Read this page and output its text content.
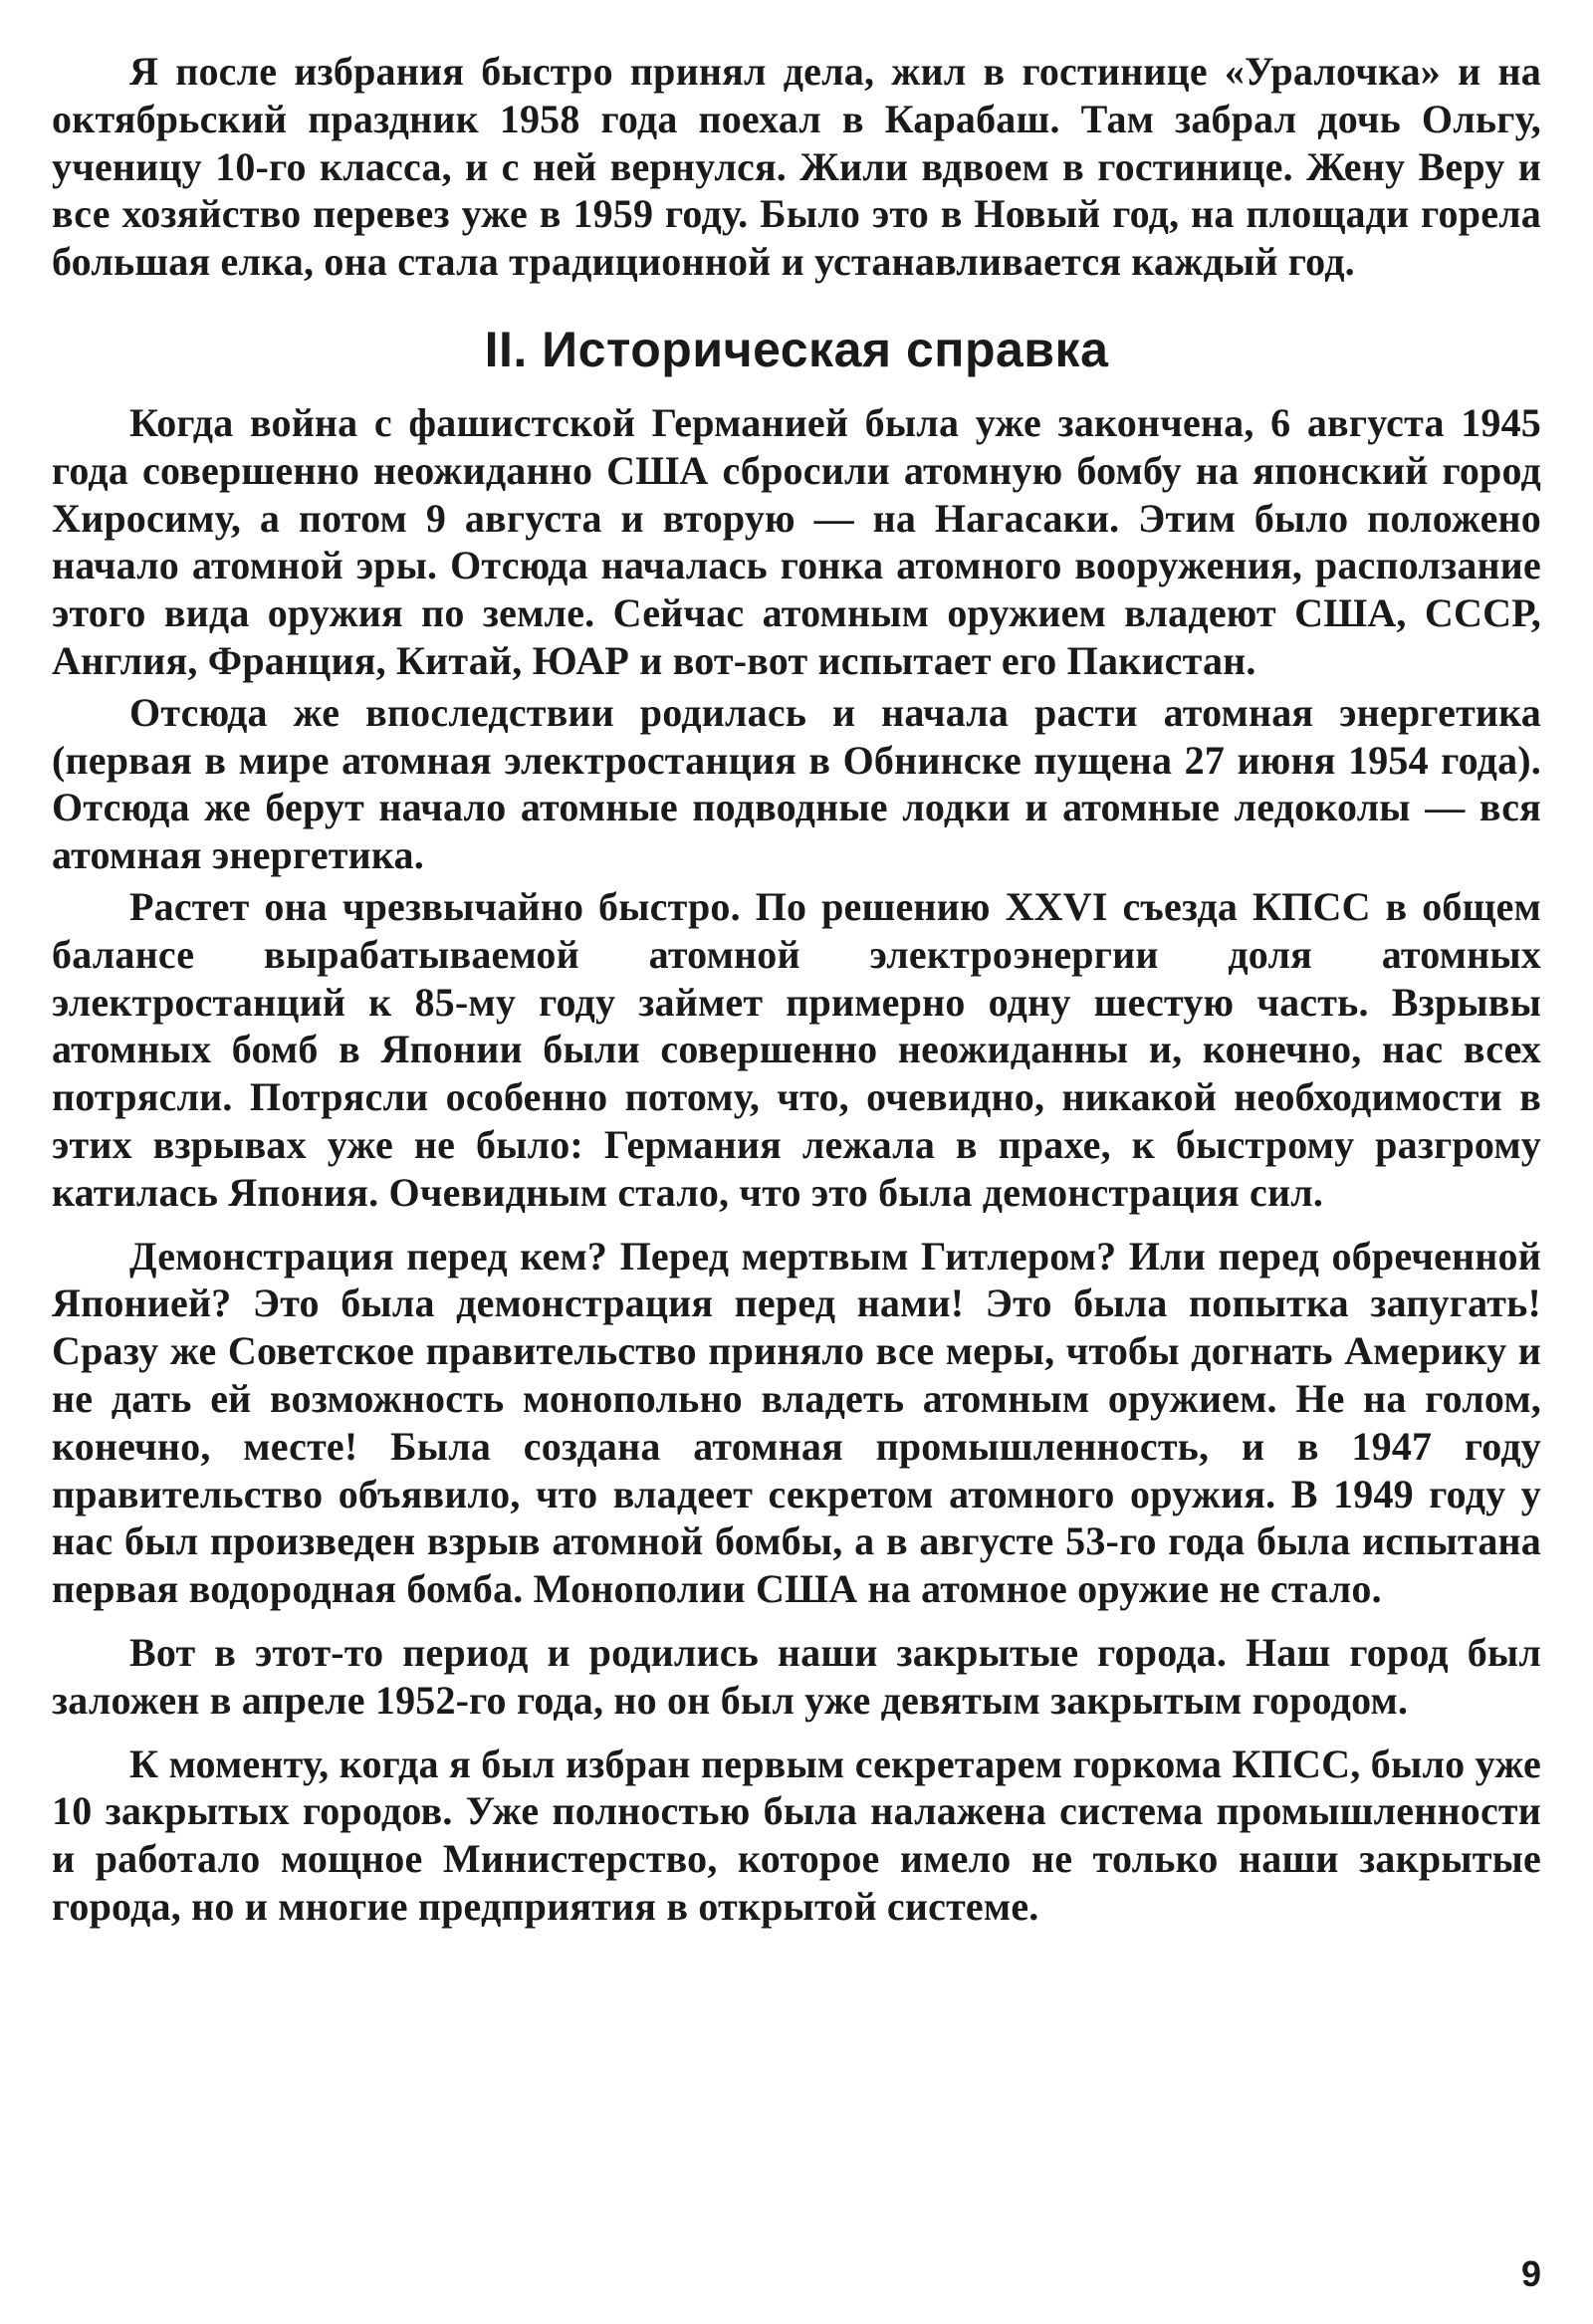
Я после избрания быстро принял дела, жил в гостинице «Уралочка» и на октябрьский праздник 1958 года поехал в Карабаш. Там забрал дочь Ольгу, ученицу 10-го класса, и с ней вернулся. Жили вдвоем в гостинице. Жену Веру и все хозяйство перевез уже в 1959 году. Было это в Новый год, на площади горела большая елка, она стала традиционной и устанавливается каждый год.

II. Историческая справка

Когда война с фашистской Германией была уже закончена, 6 августа 1945 года совершенно неожиданно США сбросили атомную бомбу на японский город Хиросиму, а потом 9 августа и вторую — на Нагасаки. Этим было положено начало атомной эры. Отсюда началась гонка атомного вооружения, расползание этого вида оружия по земле. Сейчас атомным оружием владеют США, СССР, Англия, Франция, Китай, ЮАР и вот-вот испытает его Пакистан.

Отсюда же впоследствии родилась и начала расти атомная энергетика (первая в мире атомная электростанция в Обнинске пущена 27 июня 1954 года). Отсюда же берут начало атомные подводные лодки и атомные ледоколы — вся атомная энергетика.

Растет она чрезвычайно быстро. По решению XXVI съезда КПСС в общем балансе вырабатываемой атомной электроэнергии доля атомных электростанций к 85-му году займет примерно одну шестую часть. Взрывы атомных бомб в Японии были совершенно неожиданны и, конечно, нас всех потрясли. Потрясли особенно потому, что, очевидно, никакой необходимости в этих взрывах уже не было: Германия лежала в прахе, к быстрому разгрому катилась Япония. Очевидным стало, что это была демонстрация сил.

Демонстрация перед кем? Перед мертвым Гитлером? Или перед обреченной Японией? Это была демонстрация перед нами! Это была попытка запугать! Сразу же Советское правительство приняло все меры, чтобы догнать Америку и не дать ей возможность монопольно владеть атомным оружием. Не на голом, конечно, месте! Была создана атомная промышленность, и в 1947 году правительство объявило, что владеет секретом атомного оружия. В 1949 году у нас был произведен взрыв атомной бомбы, а в августе 53-го года была испытана первая водородная бомба. Монополии США на атомное оружие не стало.

Вот в этот-то период и родились наши закрытые города. Наш город был заложен в апреле 1952-го года, но он был уже девятым закрытым городом.

К моменту, когда я был избран первым секретарем горкома КПСС, было уже 10 закрытых городов. Уже полностью была налажена система промышленности и работало мощное Министерство, которое имело не только наши закрытые города, но и многие предприятия в открытой системе.

9
